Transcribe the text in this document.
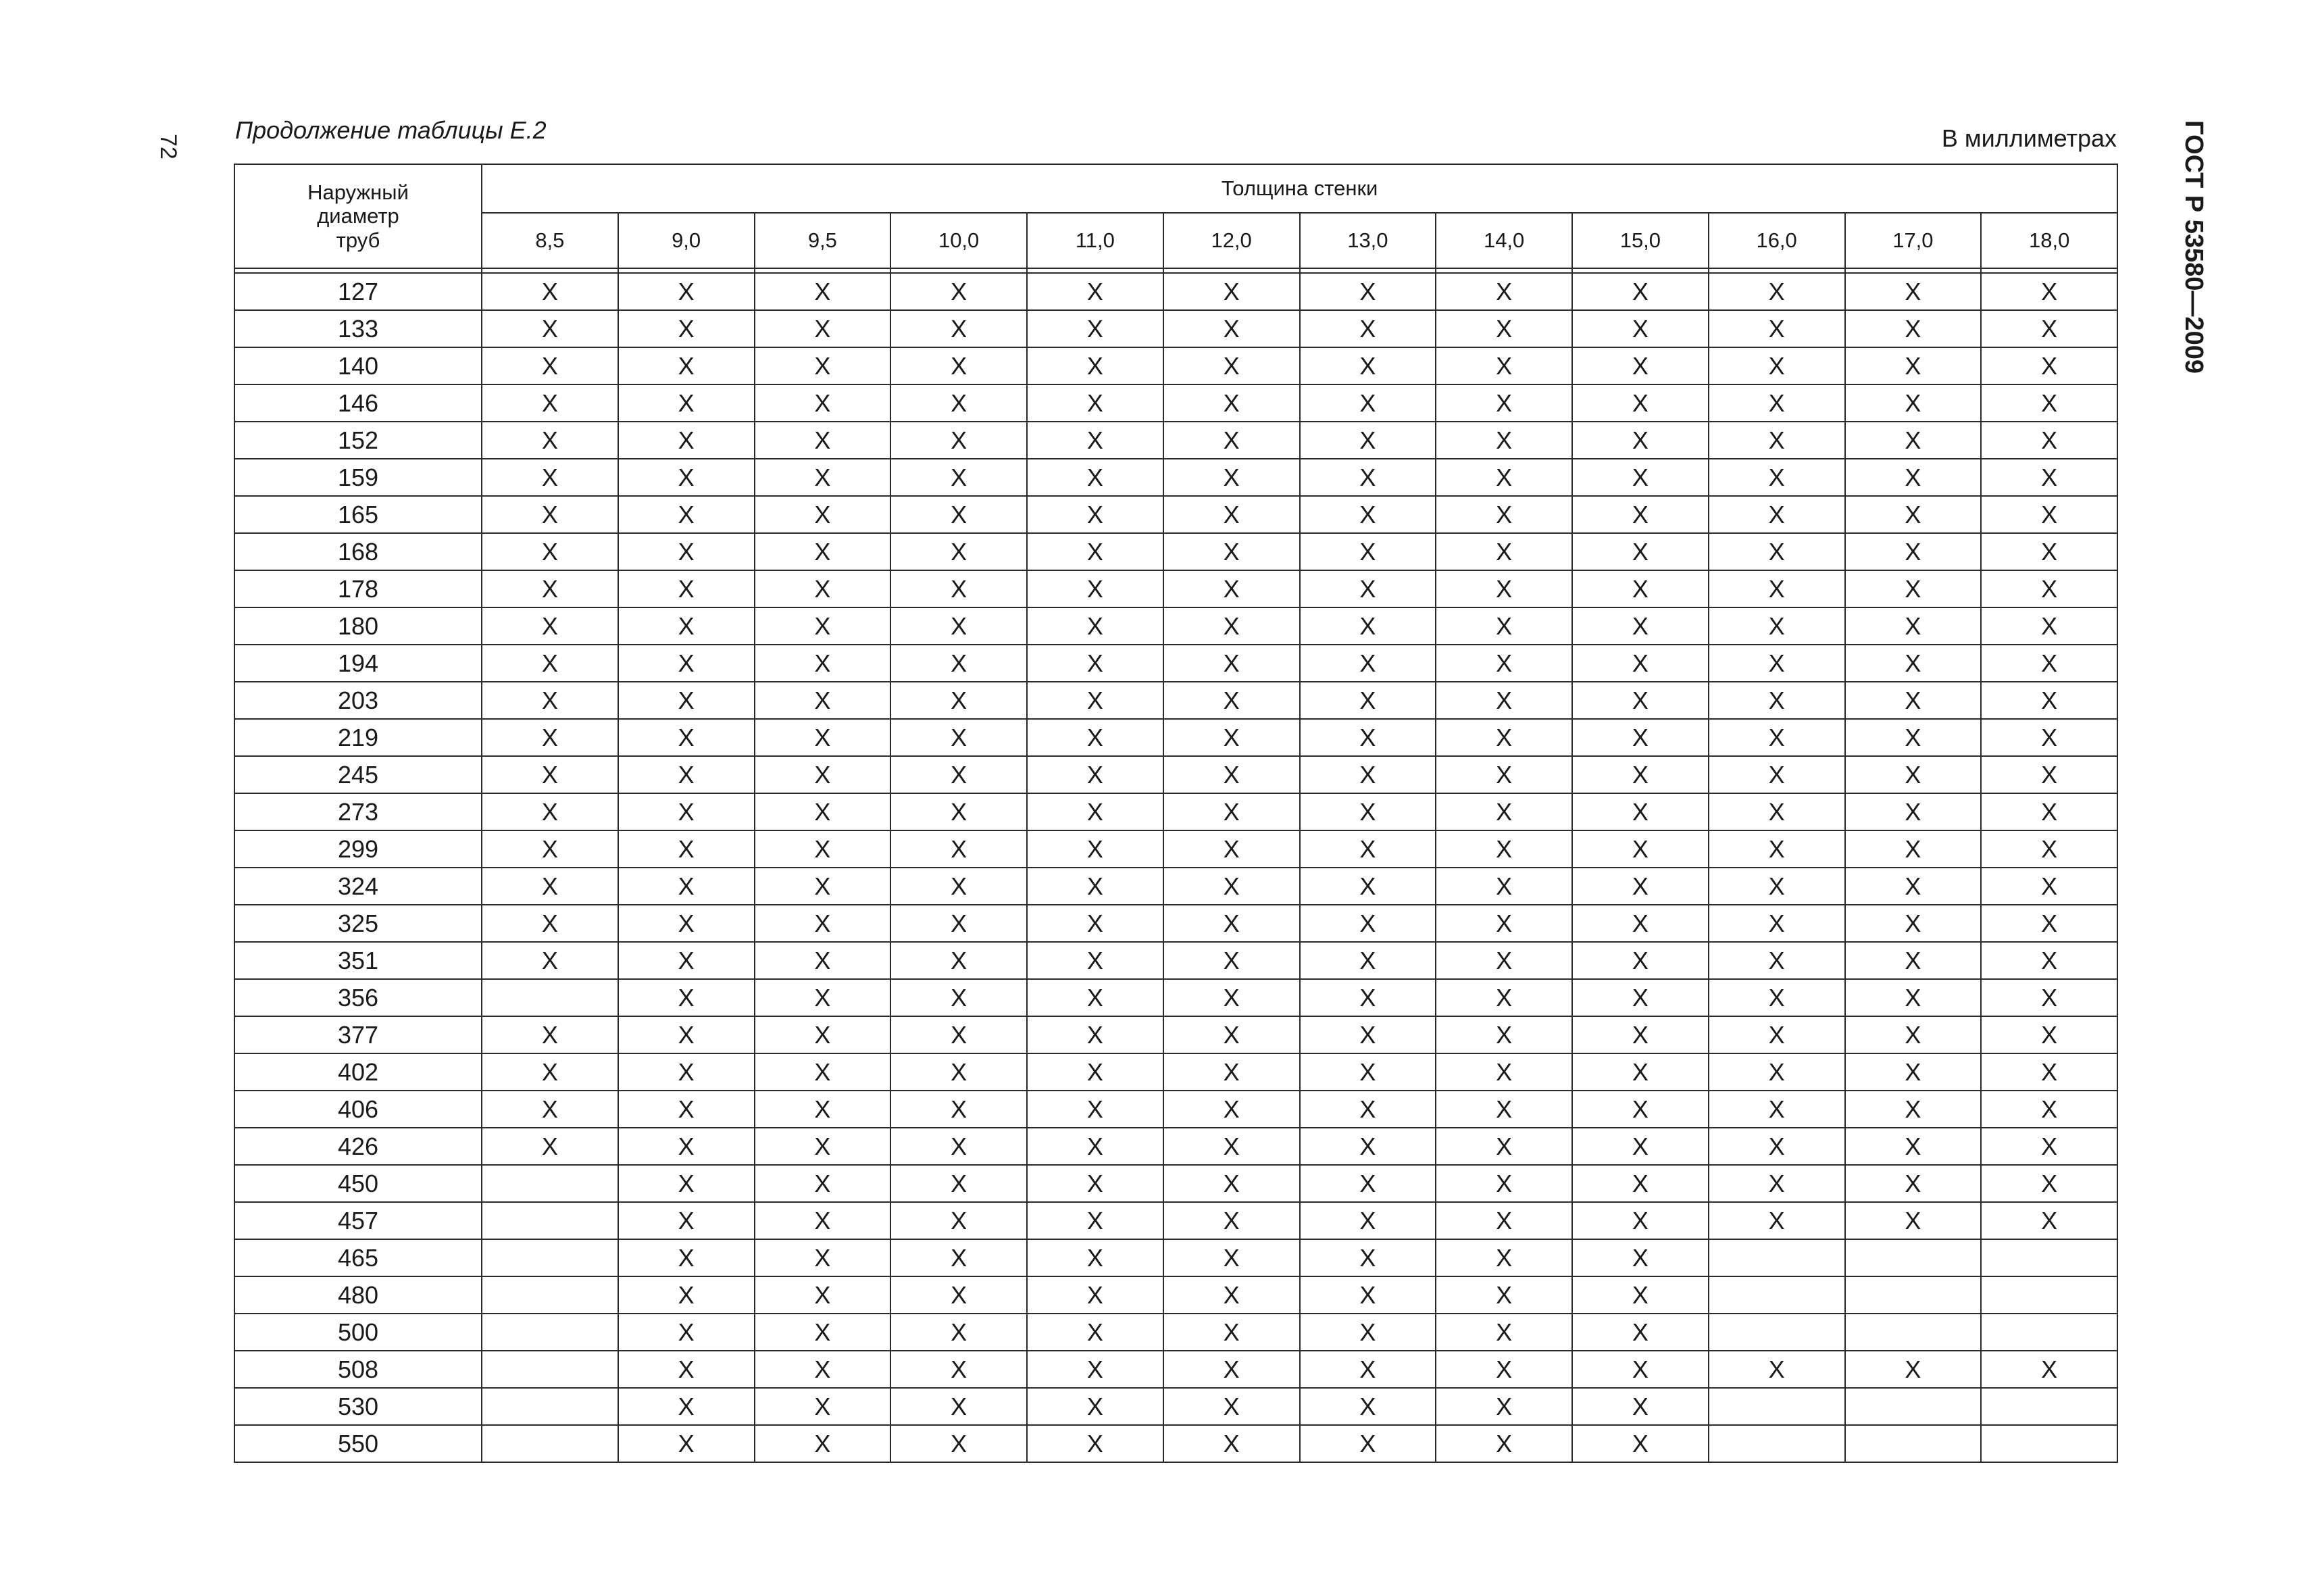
72
Продолжение таблицы Е.2	В миллиметрах ГОСТ Р 53580—2009
Наружный
диаметр
труб	Толщина стенки											
	8,5	9,0	9,5	10,0	11,0	12,0	13,0	14,0	15,0	16,0	17,0	18,0

127	X	X	X	X	X	X	X	X	X	X	X	X
133	X	X	X	X	X	X	X	X	X	X	X	X
140	X	X	X	X	X	X	X	X	X	X	X	X
146	X	X	X	X	X	X	X	X	X	X	X	X
152	X	X	X	X	X	X	X	X	X	X	X	X
159	X	X	X	X	X	X	X	X	X	X	X	X
165	X	X	X	X	X	X	X	X	X	X	X	X
168	X	X	X	X	X	X	X	X	X	X	X	X
178	X	X	X	X	X	X	X	X	X	X	X	X
180	X	X	X	X	X	X	X	X	X	X	X	X
194	X	X	X	X	X	X	X	X	X	X	X	X
203	X	X	X	X	X	X	X	X	X	X	X	X
219	X	X	X	X	X	X	X	X	X	X	X	X
245	X	X	X	X	X	X	X	X	X	X	X	X
273	X	X	X	X	X	X	X	X	X	X	X	X
299	X	X	X	X	X	X	X	X	X	X	X	X
324	X	X	X	X	X	X	X	X	X	X	X	X
325	X	X	X	X	X	X	X	X	X	X	X	X
351	X	X	X	X	X	X	X	X	X	X	X	X
356		X	X	X	X	X	X	X	X	X	X	X
377	X	X	X	X	X	X	X	X	X	X	X	X
402	X	X	X	X	X	X	X	X	X	X	X	X
406	X	X	X	X	X	X	X	X	X	X	X	X
426	X	X	X	X	X	X	X	X	X	X	X	X
450		X	X	X	X	X	X	X	X	X	X	X
457		X	X	X	X	X	X	X	X	X	X	X
465		X	X	X	X	X	X	X	X			
480		X	X	X	X	X	X	X	X			
500		X	X	X	X	X	X	X	X			
508		X	X	X	X	X	X	X	X	X	X	X
530		X	X	X	X	X	X	X	X			
550		X	X	X	X	X	X	X	X			
